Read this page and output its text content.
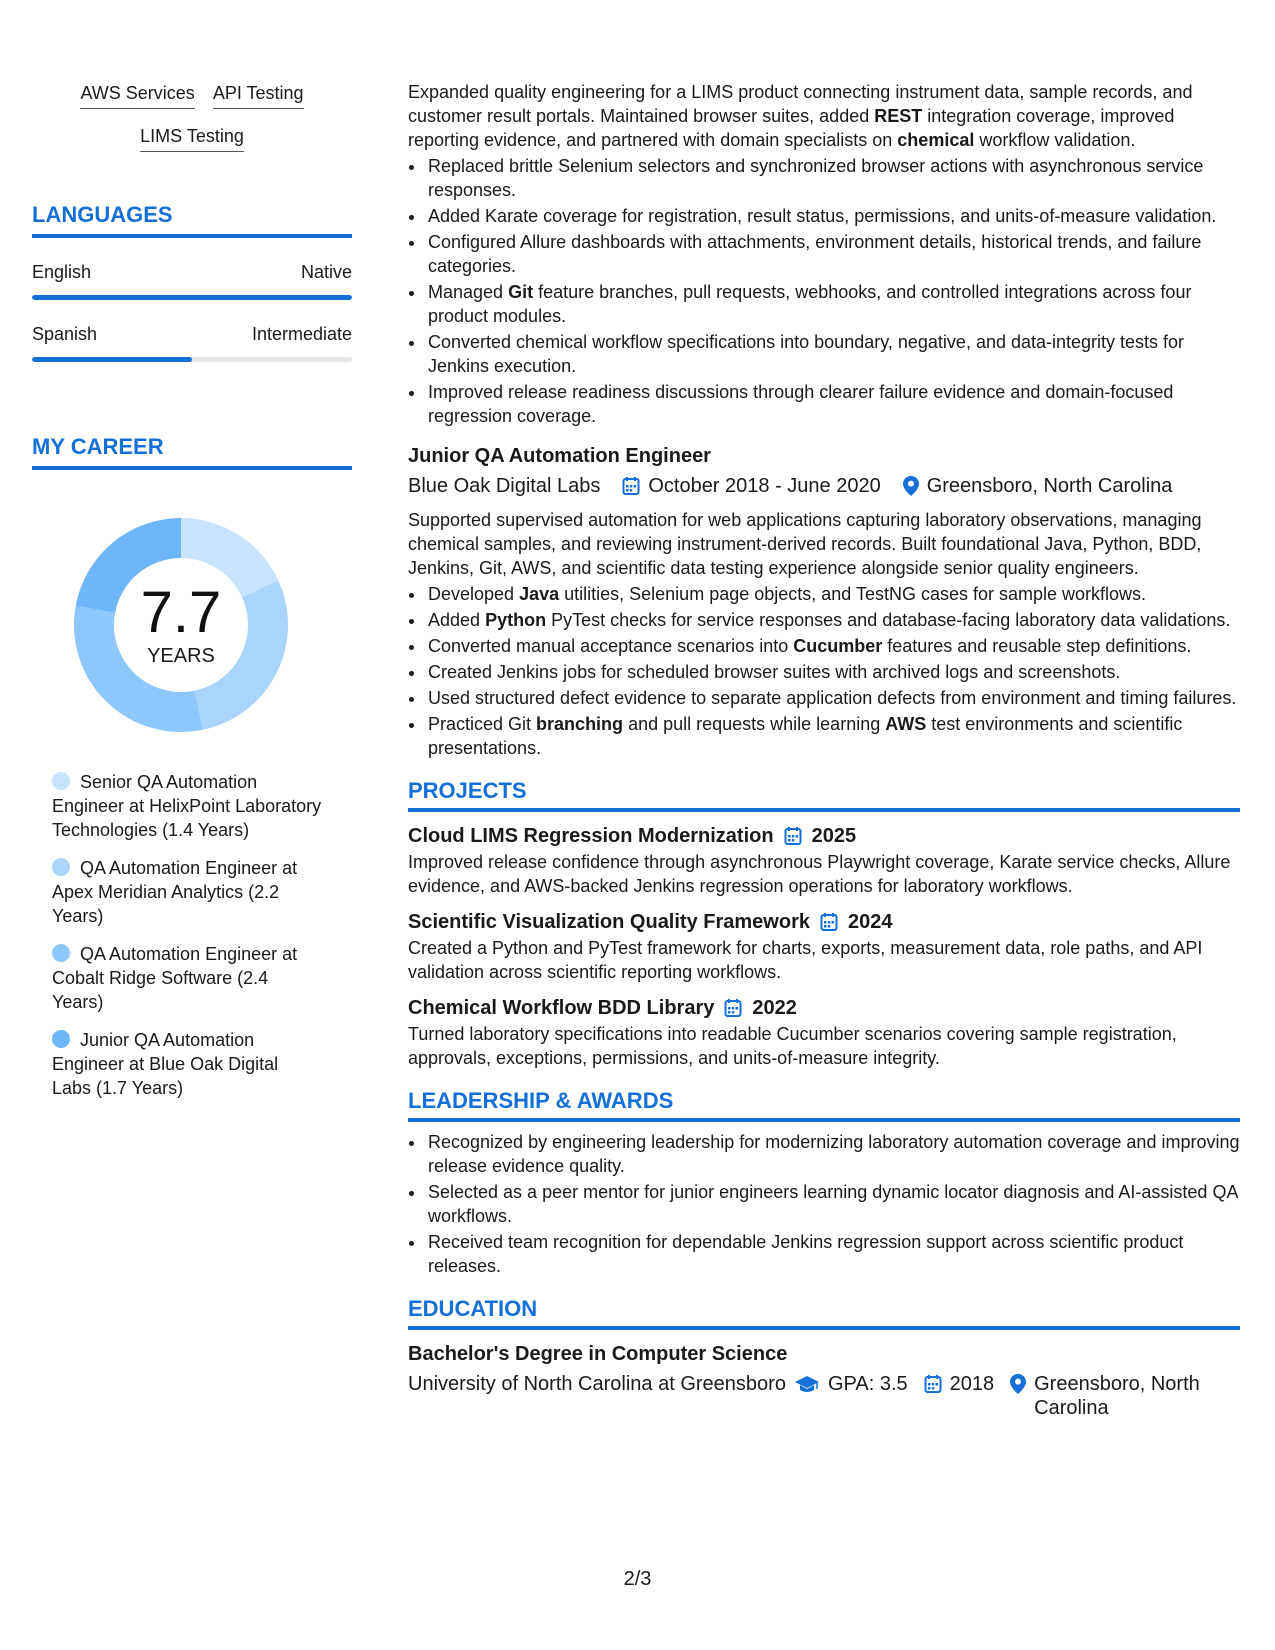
AWS Services API Testing
LIMS Testing
LANGUAGES
English	Native
Spanish	Intermediate
MY CAREER
7.7
YEARS
Senior QA Automation Engineer at HelixPoint Laboratory Technologies (1.4 Years)
QA Automation Engineer at Apex Meridian Analytics (2.2 Years)
QA Automation Engineer at Cobalt Ridge Software (2.4 Years)
Junior QA Automation Engineer at Blue Oak Digital Labs (1.7 Years)

Expanded quality engineering for a LIMS product connecting instrument data, sample records, and customer result portals. Maintained browser suites, added REST integration coverage, improved reporting evidence, and partnered with domain specialists on chemical workflow validation.

• Replaced brittle Selenium selectors and synchronized browser actions with asynchronous service responses.
• Added Karate coverage for registration, result status, permissions, and units-of-measure validation.
• Configured Allure dashboards with attachments, environment details, historical trends, and failure categories.
• Managed Git feature branches, pull requests, webhooks, and controlled integrations across four product modules.
• Converted chemical workflow specifications into boundary, negative, and data-integrity tests for Jenkins execution.
• Improved release readiness discussions through clearer failure evidence and domain-focused regression coverage.
Junior QA Automation Engineer
Blue Oak Digital Labs October 2018 - June 2020 Greensboro, North Carolina

Supported supervised automation for web applications capturing laboratory observations, managing chemical samples, and reviewing instrument-derived records. Built foundational Java, Python, BDD, Jenkins, Git, AWS, and scientific data testing experience alongside senior quality engineers.

• Developed Java utilities, Selenium page objects, and TestNG cases for sample workflows.
• Added Python PyTest checks for service responses and database-facing laboratory data validations.
• Converted manual acceptance scenarios into Cucumber features and reusable step definitions.
• Created Jenkins jobs for scheduled browser suites with archived logs and screenshots.
• Used structured defect evidence to separate application defects from environment and timing failures.
• Practiced Git branching and pull requests while learning AWS test environments and scientific presentations.
PROJECTS
Cloud LIMS Regression Modernization 2025

Improved release confidence through asynchronous Playwright coverage, Karate service checks, Allure evidence, and AWS-backed Jenkins regression operations for laboratory workflows.

Scientific Visualization Quality Framework 2024

Created a Python and PyTest framework for charts, exports, measurement data, role paths, and API validation across scientific reporting workflows.

Chemical Workflow BDD Library 2022

Turned laboratory specifications into readable Cucumber scenarios covering sample registration, approvals, exceptions, permissions, and units-of-measure integrity.

LEADERSHIP & AWARDS
• Recognized by engineering leadership for modernizing laboratory automation coverage and improving release evidence quality.
• Selected as a peer mentor for junior engineers learning dynamic locator diagnosis and AI-assisted QA workflows.
• Received team recognition for dependable Jenkins regression support across scientific product releases.
EDUCATION
Bachelor's Degree in Computer Science
University of North Carolina at Greensboro GPA: 3.5 2018 Greensboro, North Carolina
2/3
